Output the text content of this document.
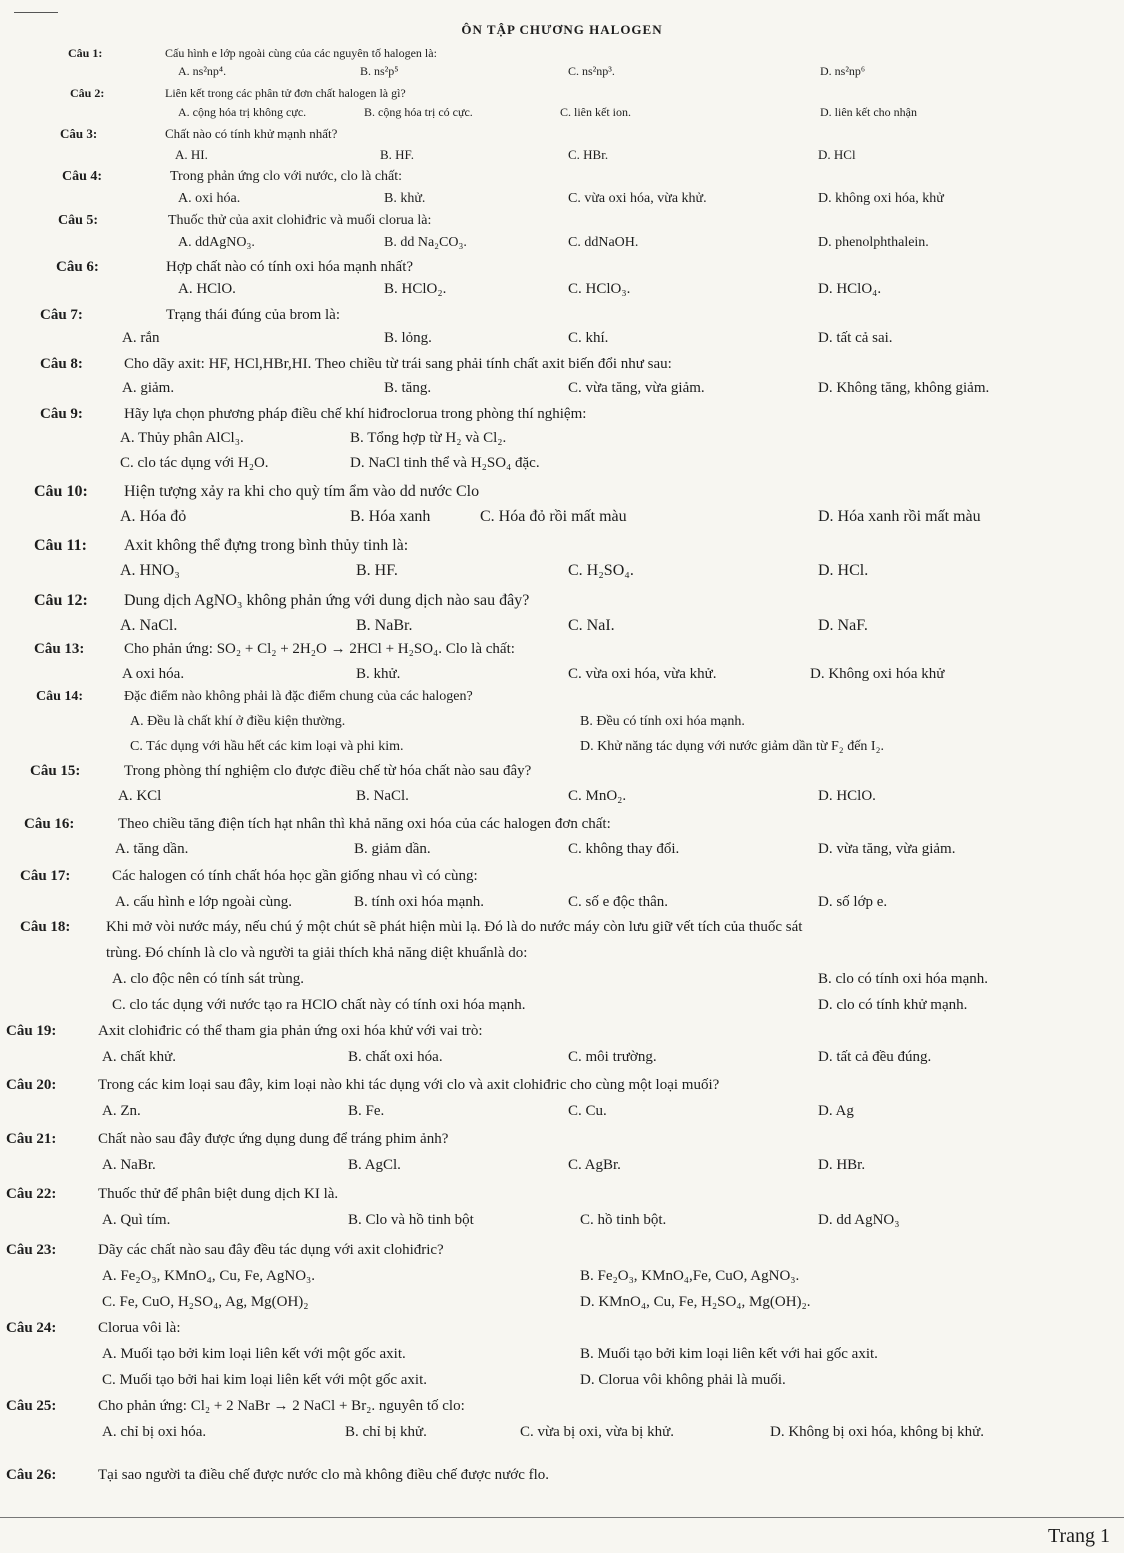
ÔN TẬP CHƯƠNG HALOGEN
Câu 1:	Cấu hình e lớp ngoài cùng của các nguyên tố halogen là:
A. ns²np⁴.	B. ns²p⁵	C. ns²np³.	D. ns²np⁶
Câu 2:	Liên kết trong các phân tử đơn chất halogen là gì?
A. cộng hóa trị không cực.	B. cộng hóa trị có cực.	C. liên kết ion.	D. liên kết cho nhận
Câu 3:	Chất nào có tính khử mạnh nhất?
A. HI.	B. HF.	C. HBr.	D. HCl
Câu 4:	Trong phản ứng clo với nước, clo là chất:
A. oxi hóa.	B. khử.	C. vừa oxi hóa, vừa khử.	D. không oxi hóa, khử
Câu 5:	Thuốc thử của axit clohiđric và muối clorua là:
A. ddAgNO₃.	B. dd Na₂CO₃.	C. ddNaOH.	D. phenolphthalein.
Câu 6:	Hợp chất nào có tính oxi hóa mạnh nhất?
A. HClO.	B. HClO₂.	C. HClO₃.	D. HClO₄.
Câu 7:	Trạng thái đúng của brom là:
A. rắn	B. lỏng.	C. khí.	D. tất cả sai.
Câu 8:	Cho dãy axit: HF, HCl,HBr,HI. Theo chiều từ trái sang phải tính chất axit biến đổi như sau:
A. giảm.	B. tăng.	C. vừa tăng, vừa giảm.	D. Không tăng, không giảm.
Câu 9:	Hãy lựa chọn phương pháp điều chế khí hiđroclorua trong phòng thí nghiệm:
A. Thủy phân AlCl₃.	B. Tổng hợp từ H₂ và Cl₂.
C. clo tác dụng với H₂O.	D. NaCl tinh thể và H₂SO₄ đặc.
Câu 10: Hiện tượng xảy ra khi cho quỳ tím ẩm vào dd nước Clo
A. Hóa đỏ	B. Hóa xanh	C. Hóa đỏ rồi mất màu	D. Hóa xanh rồi mất màu
Câu 11: Axit không thể đựng trong bình thủy tinh là:
A. HNO₃	B. HF.	C. H₂SO₄.	D. HCl.
Câu 12: Dung dịch AgNO₃ không phản ứng với dung dịch nào sau đây?
A. NaCl.	B. NaBr.	C. NaI.	D. NaF.
Câu 13:	Cho phản ứng: SO₂ + Cl₂ + 2H₂O → 2HCl + H₂SO₄. Clo là chất:
A oxi hóa.	B. khử.	C. vừa oxi hóa, vừa khử.	D. Không oxi hóa khử
Câu 14:	Đặc điểm nào không phải là đặc điểm chung của các halogen?
A. Đều là chất khí ở điều kiện thường.	B. Đều có tính oxi hóa mạnh.
C. Tác dụng với hầu hết các kim loại và phi kim.	D. Khử năng tác dụng với nước giảm dần từ F₂ đến I₂.
Câu 15:	Trong phòng thí nghiệm clo được điều chế từ hóa chất nào sau đây?
A. KCl	B. NaCl.	C. MnO₂.	D. HClO.
Câu 16:	Theo chiều tăng điện tích hạt nhân thì khả năng oxi hóa của các halogen đơn chất:
A. tăng dần.	B. giảm dần.	C. không thay đổi.	D. vừa tăng, vừa giảm.
Câu 17:	Các halogen có tính chất hóa học gần giống nhau vì có cùng:
A. cấu hình e lớp ngoài cùng.	B. tính oxi hóa mạnh.	C. số e độc thân.	D. số lớp e.
Câu 18: Khi mở vòi nước máy, nếu chú ý một chút sẽ phát hiện mùi lạ. Đó là do nước máy còn lưu giữ vết tích của thuốc sát
trùng. Đó chính là clo và người ta giải thích khả năng diệt khuẩnlà do:
A. clo độc nên có tính sát trùng.	B. clo có tính oxi hóa mạnh.
C. clo tác dụng với nước tạo ra HClO chất này có tính oxi hóa mạnh.	D. clo có tính khử mạnh.
Câu 19:	Axit clohiđric có thể tham gia phản ứng oxi hóa khử với vai trò:
A. chất khử.	B. chất oxi hóa.	C. môi trường.	D. tất cả đều đúng.
Câu 20:	Trong các kim loại sau đây, kim loại nào khi tác dụng với clo và axit clohiđric cho cùng một loại muối?
A. Zn.	B. Fe.	C. Cu.	D. Ag
Câu 21:	Chất nào sau đây được ứng dụng dung để tráng phim ảnh?
A. NaBr.	B. AgCl.	C. AgBr.	D. HBr.
Câu 22:	Thuốc thử để phân biệt dung dịch KI là.
A. Quì tím.	B. Clo và hồ tinh bột	C. hồ tinh bột.	D. dd AgNO₃
Câu 23:	Dãy các chất nào sau đây đều tác dụng với axit clohiđric?
A. Fe₂O₃, KMnO₄, Cu, Fe, AgNO₃.	B. Fe₂O₃, KMnO₄,Fe, CuO, AgNO₃.
C. Fe, CuO, H₂SO₄, Ag, Mg(OH)₂	D. KMnO₄, Cu, Fe, H₂SO₄, Mg(OH)₂.
Câu 24:	Clorua vôi là:
A. Muối tạo bởi kim loại liên kết với một gốc axit.	B. Muối tạo bởi kim loại liên kết với hai gốc axit.
C. Muối tạo bởi hai kim loại liên kết với một gốc axit.	D. Clorua vôi không phải là muối.
Câu 25:	Cho phản ứng: Cl₂ + 2 NaBr → 2 NaCl + Br₂. nguyên tố clo:
A. chỉ bị oxi hóa.	B. chỉ bị khử.	C. vừa bị oxi, vừa bị khử.	D. Không bị oxi hóa, không bị khử.
Câu 26:	Tại sao người ta điều chế được nước clo mà không điều chế được nước flo.
Trang 1
